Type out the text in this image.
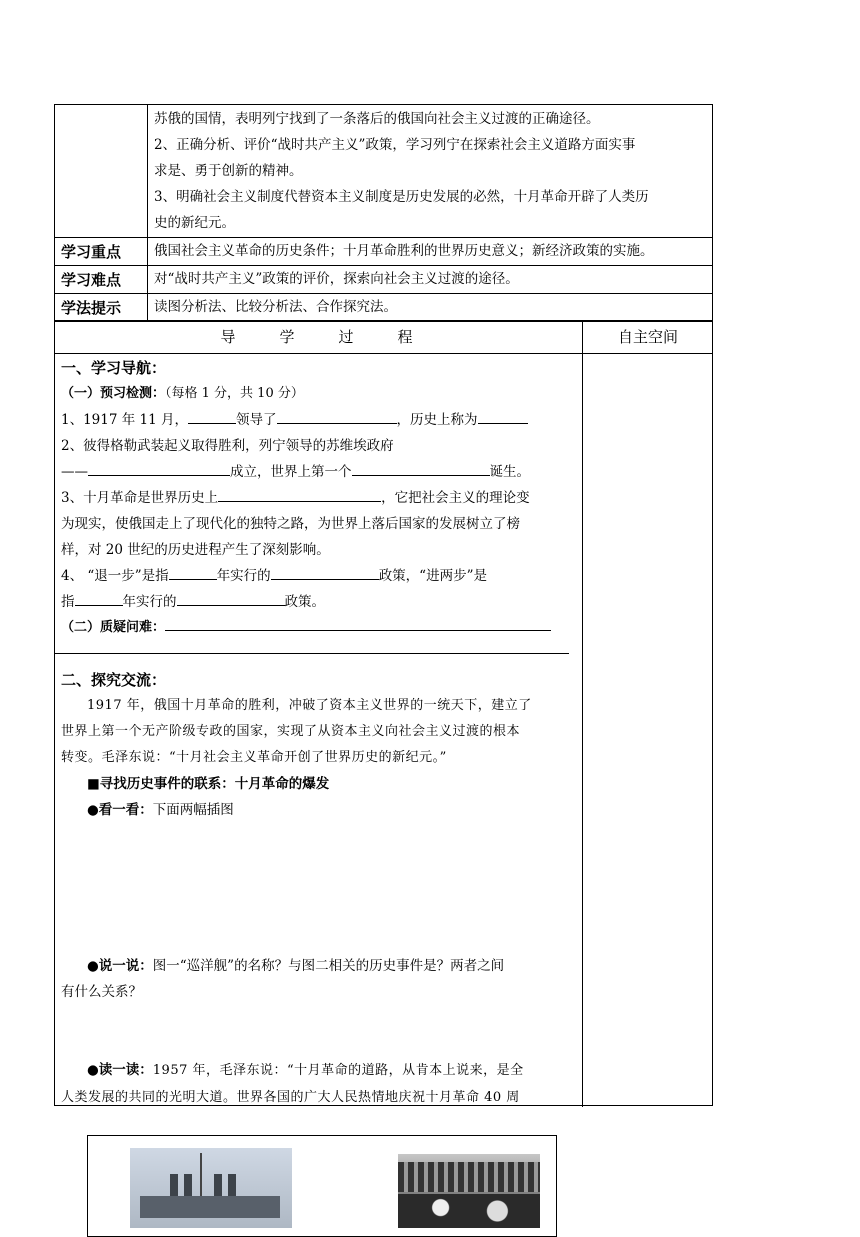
	苏俄的国情，表明列宁找到了一条落后的俄国向社会主义过渡的正确途径。
2、正确分析、评价“战时共产主义”政策，学习列宁在探索社会主义道路方面实事
求是、勇于创新的精神。
3、明确社会主义制度代替资本主义制度是历史发展的必然，十月革命开辟了人类历
史的新纪元。

学习重点	俄国社会主义革命的历史条件；十月革命胜利的世界历史意义；新经济政策的实施。
学习难点	对“战时共产主义”政策的评价，探索向社会主义过渡的途径。
学法提示	读图分析法、比较分析法、合作探究法。
导学过程	自主空间
一、学习导航：
（一）预习检测：（每格 1 分，共 10 分）
1、1917 年 11 月，	领导了	，历史上称为
2、彼得格勒武装起义取得胜利，列宁领导的苏维埃政府
——	成立，世界上第一个	诞生。
3、十月革命是世界历史上	，它把社会主义的理论变
为现实，使俄国走上了现代化的独特之路，为世界上落后国家的发展树立了榜
样，对 20 世纪的历史进程产生了深刻影响。
4、 “退一步”是指	年实行的	政策，“进两步”是
指	年实行的	政策。
（二）质疑问难：
二、探究交流：
1917 年，俄国十月革命的胜利，冲破了资本主义世界的一统天下，建立了
世界上第一个无产阶级专政的国家，实现了从资本主义向社会主义过渡的根本
转变。毛泽东说：“十月社会主义革命开创了世界历史的新纪元。”
■寻找历史事件的联系：十月革命的爆发
●看一看：下面两幅插图
●说一说：图一“巡洋舰”的名称？与图二相关的历史事件是？两者之间
有什么关系？
●读一读：1957 年，毛泽东说：“十月革命的道路，从肯本上说来，是全
人类发展的共同的光明大道。世界各国的广大人民热情地庆祝十月革命 40 周
